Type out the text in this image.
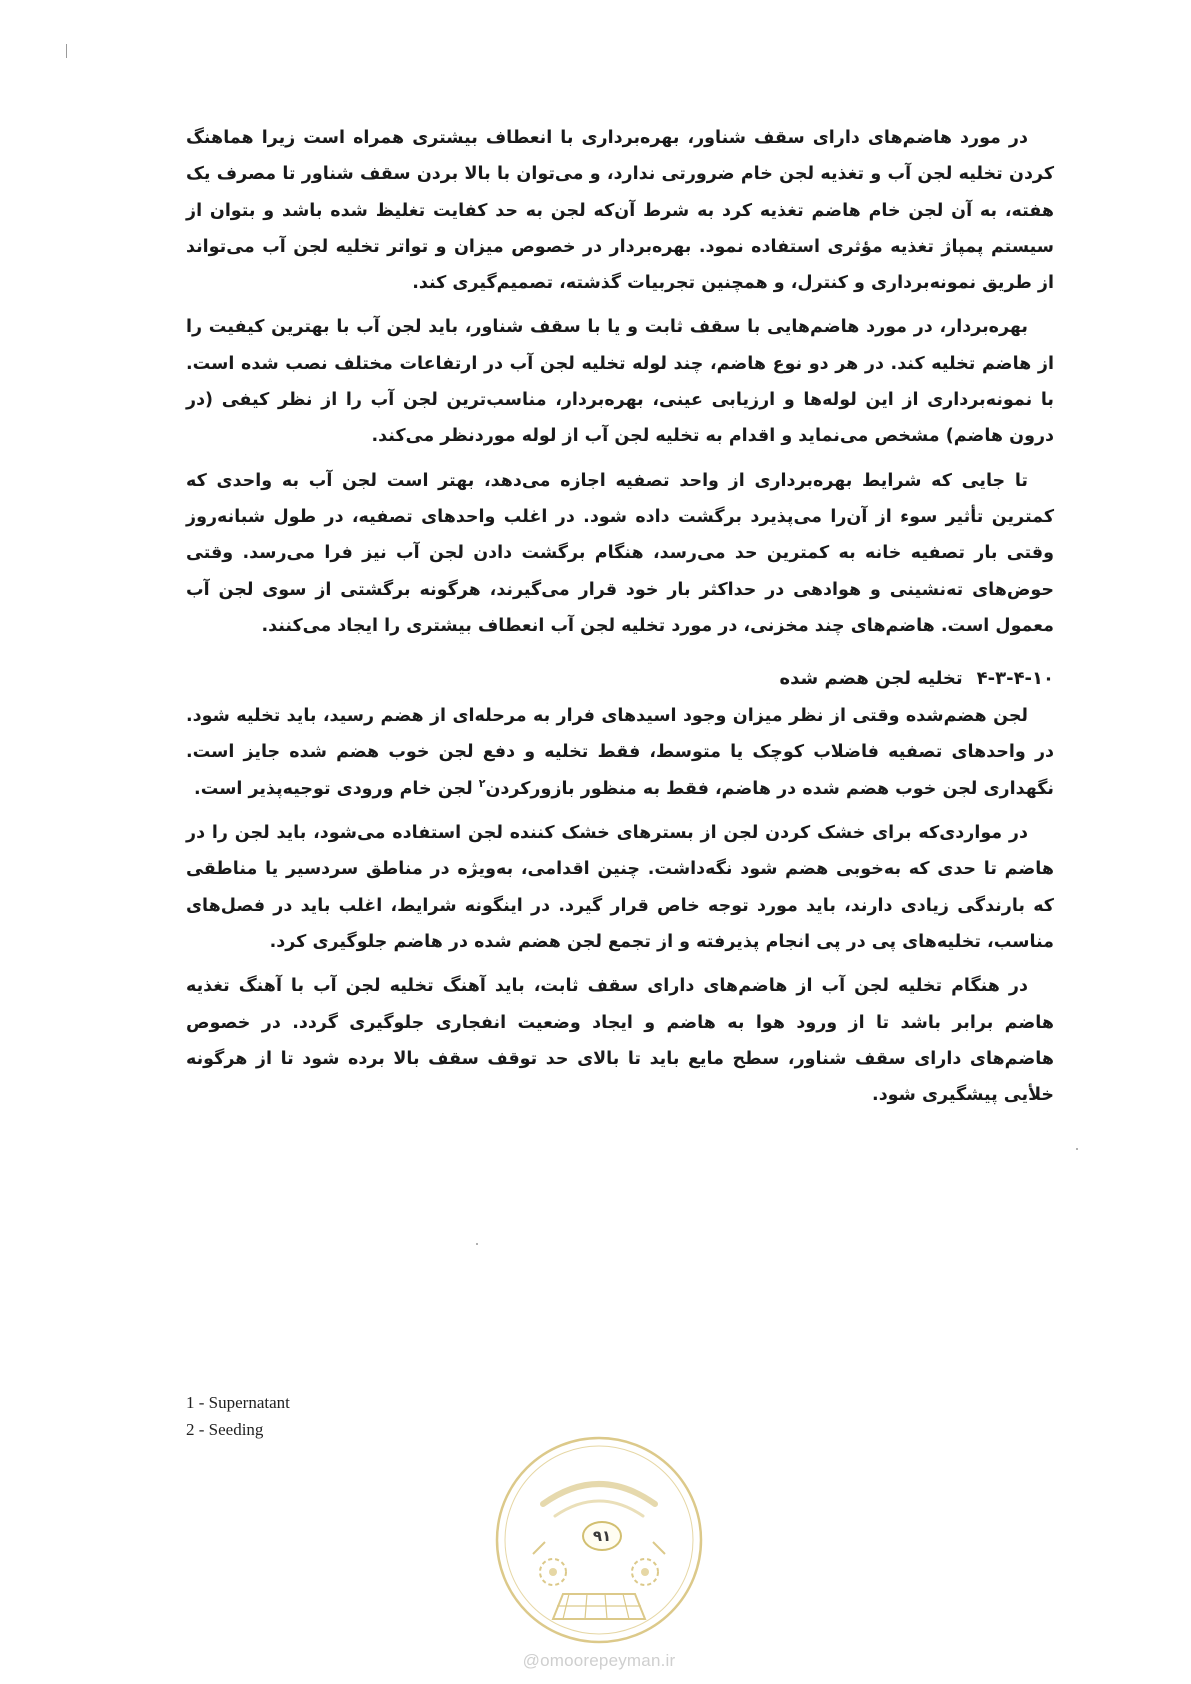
در مورد هاضم‌های دارای سقف شناور، بهره‌برداری با انعطاف بیشتری همراه است زیرا هماهنگ کردن تخلیه لجن آب و تغذیه لجن خام ضرورتی ندارد، و می‌توان با بالا بردن سقف شناور تا مصرف یک هفته، به آن لجن خام هاضم تغذیه کرد به شرط آن‌که لجن به حد کفایت تغلیظ شده باشد و بتوان از سیستم پمپاژ تغذیه مؤثری استفاده نمود. بهره‌بردار در خصوص میزان و تواتر تخلیه لجن آب می‌تواند از طریق نمونه‌برداری و کنترل، و همچنین تجربیات گذشته، تصمیم‌گیری کند.

بهره‌بردار، در مورد هاضم‌هایی با سقف ثابت و یا با سقف شناور، باید لجن آب با بهترین کیفیت را از هاضم تخلیه کند. در هر دو نوع هاضم، چند لوله تخلیه لجن آب در ارتفاعات مختلف نصب شده است. با نمونه‌برداری از این لوله‌ها و ارزیابی عینی، بهره‌بردار، مناسب‌ترین لجن آب را از نظر کیفی (در درون هاضم) مشخص می‌نماید و اقدام به تخلیه لجن آب از لوله موردنظر می‌کند.

تا جایی که شرایط بهره‌برداری از واحد تصفیه اجازه می‌دهد، بهتر است لجن آب به واحدی که کمترین تأثیر سوء از آن‌را می‌پذیرد برگشت داده شود. در اغلب واحدهای تصفیه، در طول شبانه‌روز وقتی بار تصفیه خانه به کمترین حد می‌رسد، هنگام برگشت دادن لجن آب نیز فرا می‌رسد. وقتی حوض‌های ته‌نشینی و هوادهی در حداکثر بار خود قرار می‌گیرند، هرگونه برگشتی از سوی لجن آب معمول است. هاضم‌های چند مخزنی، در مورد تخلیه لجن آب انعطاف بیشتری را ایجاد می‌کنند.

۴-۳-۴-۱۰تخلیه لجن هضم شده

لجن هضم‌شده وقتی از نظر میزان وجود اسیدهای فرار به مرحله‌ای از هضم رسید، باید تخلیه شود. در واحدهای تصفیه فاضلاب کوچک یا متوسط، فقط تخلیه و دفع لجن خوب هضم شده جایز است. نگهداری لجن خوب هضم شده در هاضم، فقط به منظور بازورکردن$^۲$ لجن خام ورودی توجیه‌پذیر است.

در مواردی‌که برای خشک کردن لجن از بسترهای خشک کننده لجن استفاده می‌شود، باید لجن را در هاضم تا حدی که به‌خوبی هضم شود نگه‌داشت. چنین اقدامی، به‌ویژه در مناطق سردسیر یا مناطقی که بارندگی زیادی دارند، باید مورد توجه خاص قرار گیرد. در اینگونه شرایط، اغلب باید در فصل‌های مناسب، تخلیه‌های پی در پی انجام پذیرفته و از تجمع لجن هضم شده در هاضم جلوگیری کرد.

در هنگام تخلیه لجن آب از هاضم‌های دارای سقف ثابت، باید آهنگ تخلیه لجن آب با آهنگ تغذیه هاضم برابر باشد تا از ورود هوا به هاضم و ایجاد وضعیت انفجاری جلوگیری گردد. در خصوص هاضم‌های دارای سقف شناور، سطح مایع باید تا بالای حد توقف سقف بالا برده شود تا از هرگونه خلأیی پیشگیری شود.

1 - Supernatant
2 - Seeding
۹۱
@omoorepeyman.ir
